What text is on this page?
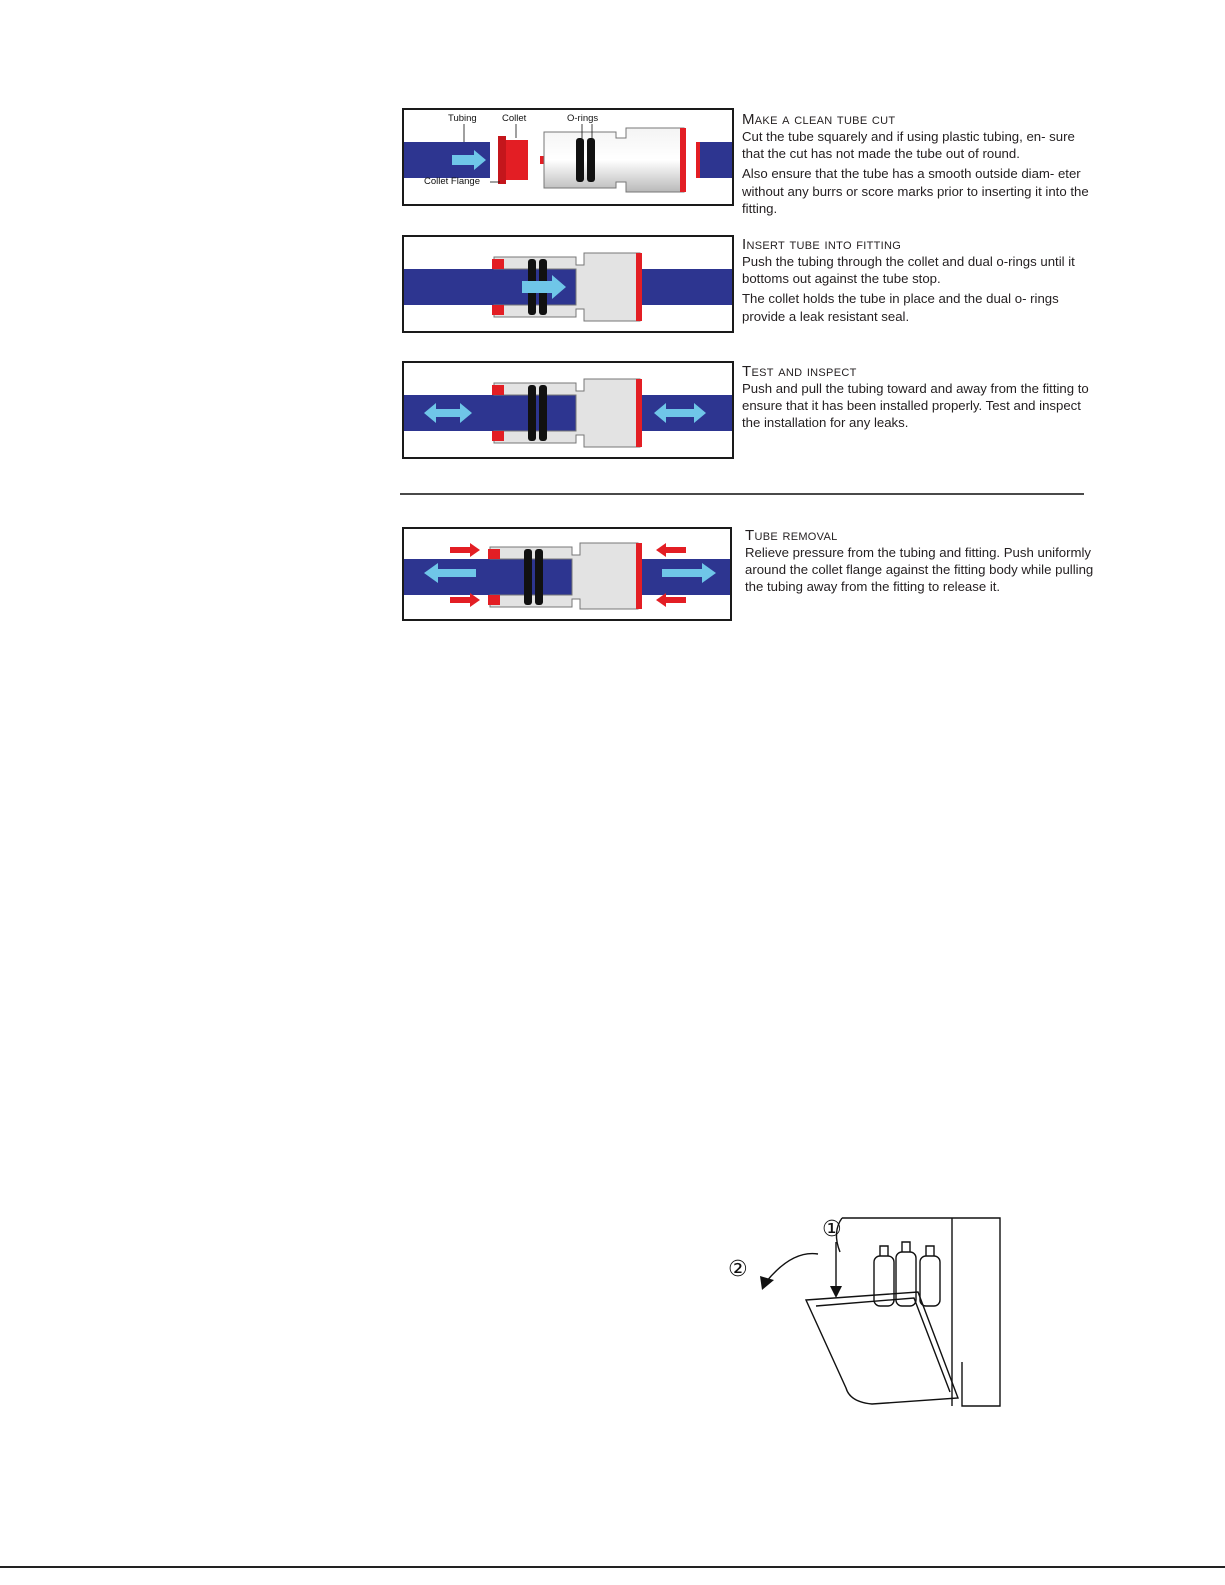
Tubing	Collet	O-rings
Collet Flange
Make a clean tube cut

Cut the tube squarely and if using plastic tubing, en- sure that the cut has not made the tube out of round.

Also ensure that the tube has a smooth outside diam- eter without any burrs or score marks prior to inserting it into the fitting.

Insert tube into fitting

Push the tubing through the collet and dual o-rings until it bottoms out against the tube stop.

The collet holds the tube in place and the dual o- rings provide a leak resistant seal.

Test and inspect

Push and pull the tubing toward and away from the fitting to ensure that it has been installed properly. Test and inspect the installation for any leaks.

Tube removal

Relieve pressure from the tubing and fitting. Push uniformly around the collet flange against the fitting body while pulling the tubing away from the fitting to release it.

①
②
